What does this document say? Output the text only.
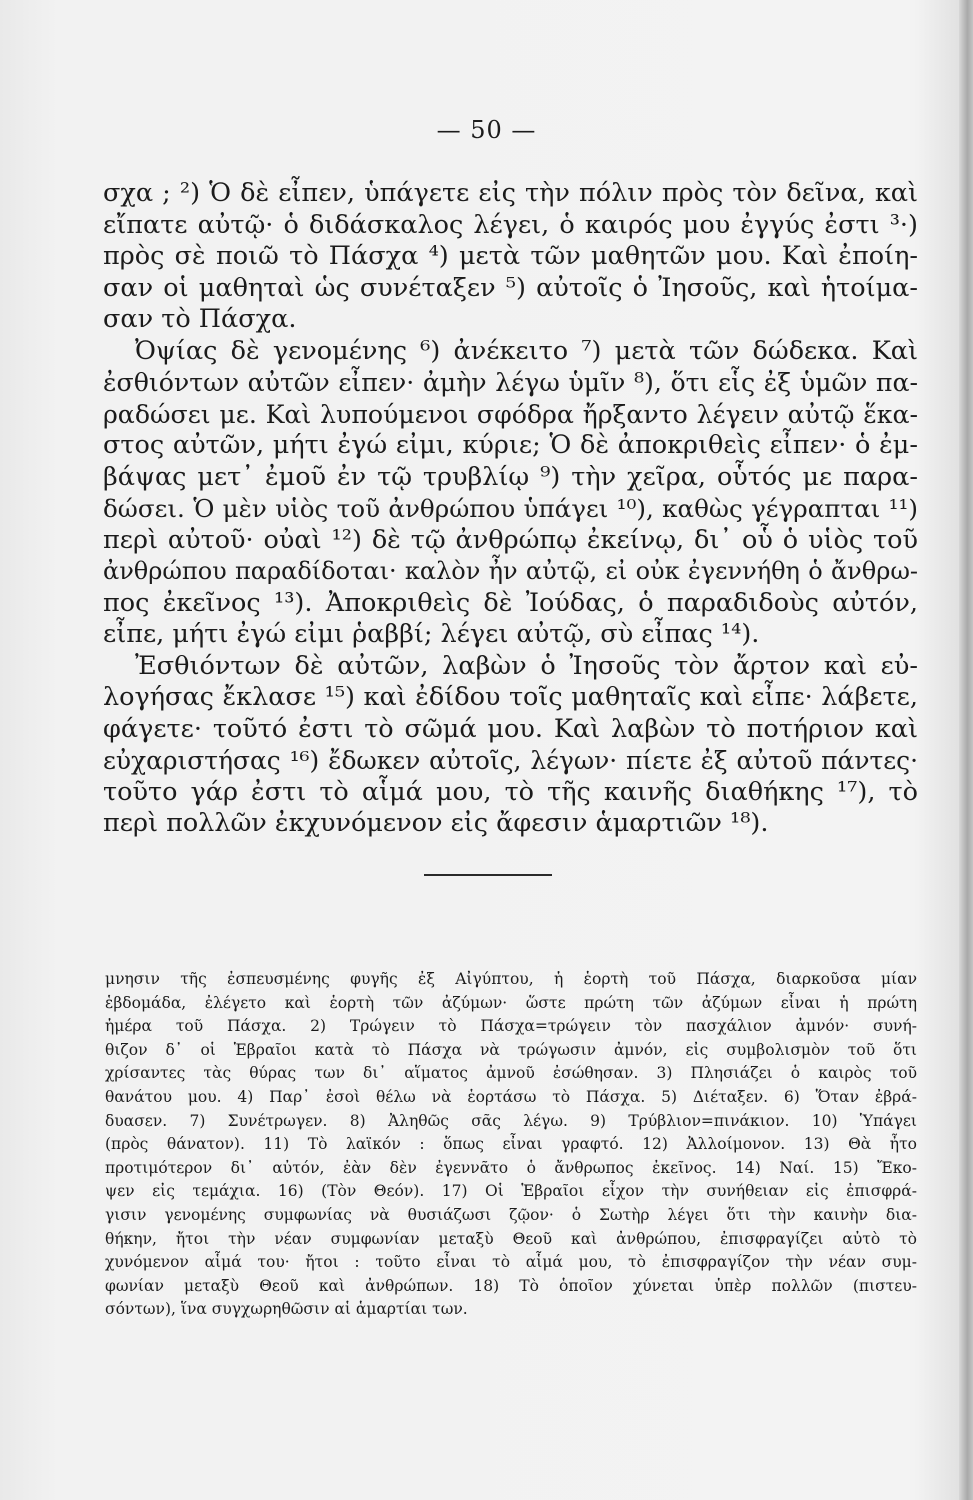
— 50 —
σχα ; ²) Ὁ δὲ εἶπεν, ὑπάγετε εἰς τὴν πόλιν πρὸς τὸν δεῖνα, καὶ
εἴπατε αὐτῷ· ὁ διδάσκαλος λέγει, ὁ καιρός μου ἐγγύς ἐστι ³·)
πρὸς σὲ ποιῶ τὸ Πάσχα ⁴) μετὰ τῶν μαθητῶν μου. Καὶ ἐποίη-
σαν οἱ μαθηταὶ ὡς συνέταξεν ⁵) αὐτοῖς ὁ Ἰησοῦς, καὶ ἡτοίμα-
σαν τὸ Πάσχα.
Ὀψίας δὲ γενομένης ⁶) ἀνέκειτο ⁷) μετὰ τῶν δώδεκα. Καὶ
ἐσθιόντων αὐτῶν εἶπεν· ἀμὴν λέγω ὑμῖν ⁸), ὅτι εἷς ἐξ ὑμῶν πα-
ραδώσει με. Καὶ λυπούμενοι σφόδρα ἤρξαντο λέγειν αὐτῷ ἕκα-
στος αὐτῶν, μήτι ἐγώ εἰμι, κύριε; Ὁ δὲ ἀποκριθεὶς εἶπεν· ὁ ἐμ-
βάψας μετ᾿ ἐμοῦ ἐν τῷ τρυβλίῳ ⁹) τὴν χεῖρα, οὗτός με παρα-
δώσει. Ὁ μὲν υἱὸς τοῦ ἀνθρώπου ὑπάγει ¹⁰), καθὼς γέγραπται ¹¹)
περὶ αὐτοῦ· οὐαὶ ¹²) δὲ τῷ ἀνθρώπῳ ἐκείνῳ, δι᾿ οὗ ὁ υἱὸς τοῦ
ἀνθρώπου παραδίδοται· καλὸν ἦν αὐτῷ, εἰ οὐκ ἐγεννήθη ὁ ἄνθρω-
πος ἐκεῖνος ¹³). Ἀποκριθεὶς δὲ Ἰούδας, ὁ παραδιδοὺς αὐτόν,
εἶπε, μήτι ἐγώ εἰμι ῥαββί; λέγει αὐτῷ, σὺ εἶπας ¹⁴).
Ἐσθιόντων δὲ αὐτῶν, λαβὼν ὁ Ἰησοῦς τὸν ἄρτον καὶ εὐ-
λογήσας ἔκλασε ¹⁵) καὶ ἐδίδου τοῖς μαθηταῖς καὶ εἶπε· λάβετε,
φάγετε· τοῦτό ἐστι τὸ σῶμά μου. Καὶ λαβὼν τὸ ποτήριον καὶ
εὐχαριστήσας ¹⁶) ἔδωκεν αὐτοῖς, λέγων· πίετε ἐξ αὐτοῦ πάντες·
τοῦτο γάρ ἐστι τὸ αἷμά μου, τὸ τῆς καινῆς διαθήκης ¹⁷), τὸ
περὶ πολλῶν ἐκχυνόμενον εἰς ἄφεσιν ἁμαρτιῶν ¹⁸).
μνησιν τῆς ἐσπευσμένης φυγῆς ἐξ Αἰγύπτου, ἡ ἑορτὴ τοῦ Πάσχα, διαρκοῦσα μίαν
ἑβδομάδα, ἐλέγετο καὶ ἑορτὴ τῶν ἀζύμων· ὥστε πρώτη τῶν ἀζύμων εἶναι ἡ πρώτη
ἡμέρα τοῦ Πάσχα. 2) Τρώγειν τὸ Πάσχα=τρώγειν τὸν πασχάλιον ἀμνόν· συνή-
θιζον δ᾿ οἱ Ἑβραῖοι κατὰ τὸ Πάσχα νὰ τρώγωσιν ἀμνόν, εἰς συμβολισμὸν τοῦ ὅτι
χρίσαντες τὰς θύρας των δι᾿ αἵματος ἀμνοῦ ἐσώθησαν. 3) Πλησιάζει ὁ καιρὸς τοῦ
θανάτου μου. 4) Παρ᾿ ἐσοὶ θέλω νὰ ἑορτάσω τὸ Πάσχα. 5) Διέταξεν. 6) Ὅταν ἐβρά-
δυασεν. 7) Συνέτρωγεν. 8) Ἀληθῶς σᾶς λέγω. 9) Τρύβλιον=πινάκιον. 10) Ὑπάγει
(πρὸς θάνατον). 11) Τὸ λαϊκόν : ὅπως εἶναι γραφτό. 12) Ἀλλοίμονον. 13) Θὰ ἦτο
προτιμότερον δι᾿ αὐτόν, ἐὰν δὲν ἐγεννᾶτο ὁ ἄνθρωπος ἐκεῖνος. 14) Ναί. 15) Ἔκο-
ψεν εἰς τεμάχια. 16) (Τὸν Θεόν). 17) Οἱ Ἑβραῖοι εἶχον τὴν συνήθειαν εἰς ἐπισφρά-
γισιν γενομένης συμφωνίας νὰ θυσιάζωσι ζῷον· ὁ Σωτὴρ λέγει ὅτι τὴν καινὴν δια-
θήκην, ἤτοι τὴν νέαν συμφωνίαν μεταξὺ Θεοῦ καὶ ἀνθρώπου, ἐπισφραγίζει αὐτὸ τὸ
χυνόμενον αἷμά του· ἤτοι : τοῦτο εἶναι τὸ αἷμά μου, τὸ ἐπισφραγίζον τὴν νέαν συμ-
φωνίαν μεταξὺ Θεοῦ καὶ ἀνθρώπων. 18) Τὸ ὁποῖον χύνεται ὑπὲρ πολλῶν (πιστευ-
σόντων), ἵνα συγχωρηθῶσιν αἱ ἁμαρτίαι των.
